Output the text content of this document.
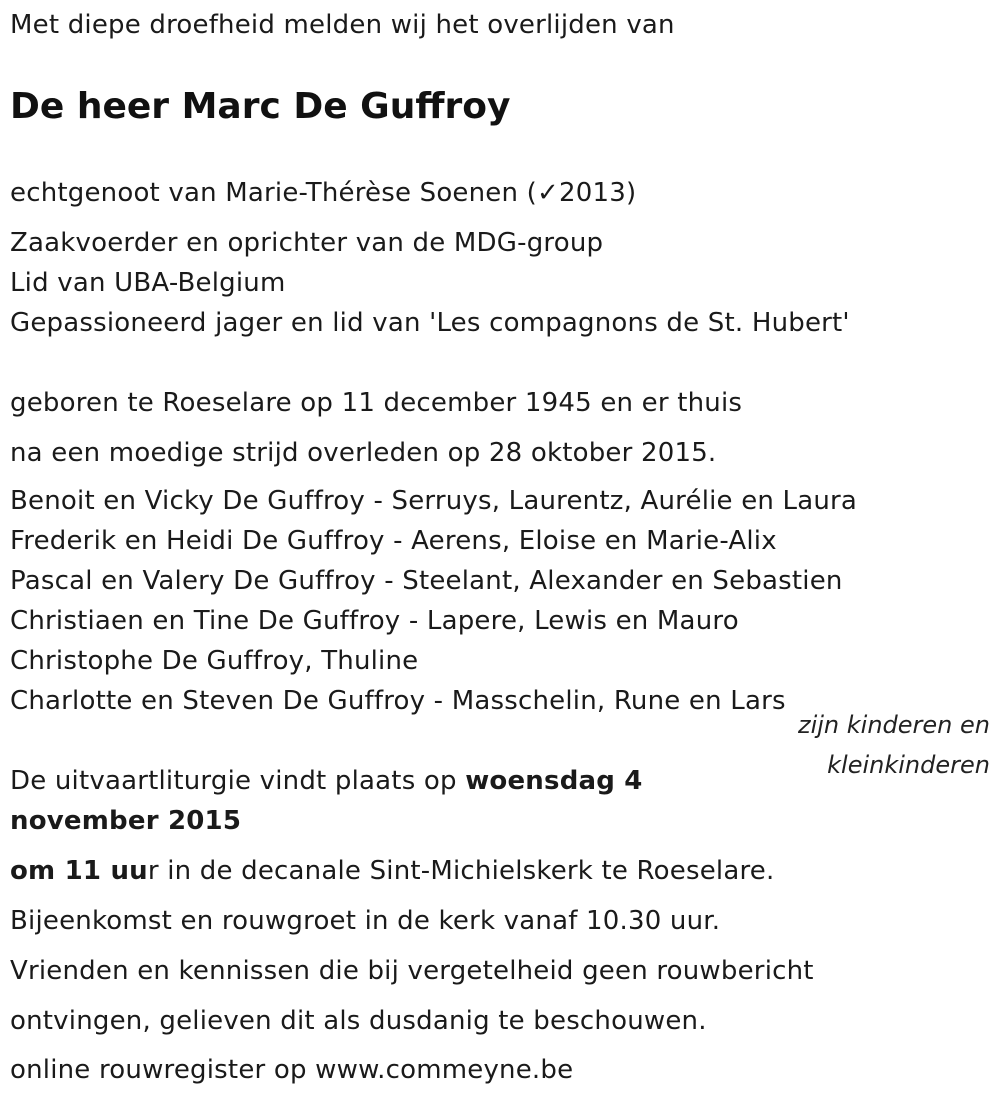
Met diepe droefheid melden wij het overlijden van
De heer Marc De Guffroy
echtgenoot van Marie-Thérèse Soenen (✓2013)
Zaakvoerder en oprichter van de MDG-group
Lid van UBA-Belgium
Gepassioneerd jager en lid van 'Les compagnons de St. Hubert'
geboren te Roeselare op 11 december 1945 en er thuis
na een moedige strijd overleden op 28 oktober 2015.
Benoit en Vicky De Guffroy - Serruys, Laurentz, Aurélie en Laura
Frederik en Heidi De Guffroy - Aerens, Eloise en Marie-Alix
Pascal en Valery De Guffroy - Steelant, Alexander en Sebastien
Christiaen en Tine De Guffroy - Lapere, Lewis en Mauro
Christophe De Guffroy, Thuline
Charlotte en Steven De Guffroy - Masschelin, Rune en Lars
zijn kinderen en
kleinkinderen
De uitvaartliturgie vindt plaats op woensdag 4
november 2015
om 11 uur in de decanale Sint-Michielskerk te Roeselare.
Bijeenkomst en rouwgroet in de kerk vanaf 10.30 uur.
Vrienden en kennissen die bij vergetelheid geen rouwbericht
ontvingen, gelieven dit als dusdanig te beschouwen.
online rouwregister op www.commeyne.be
